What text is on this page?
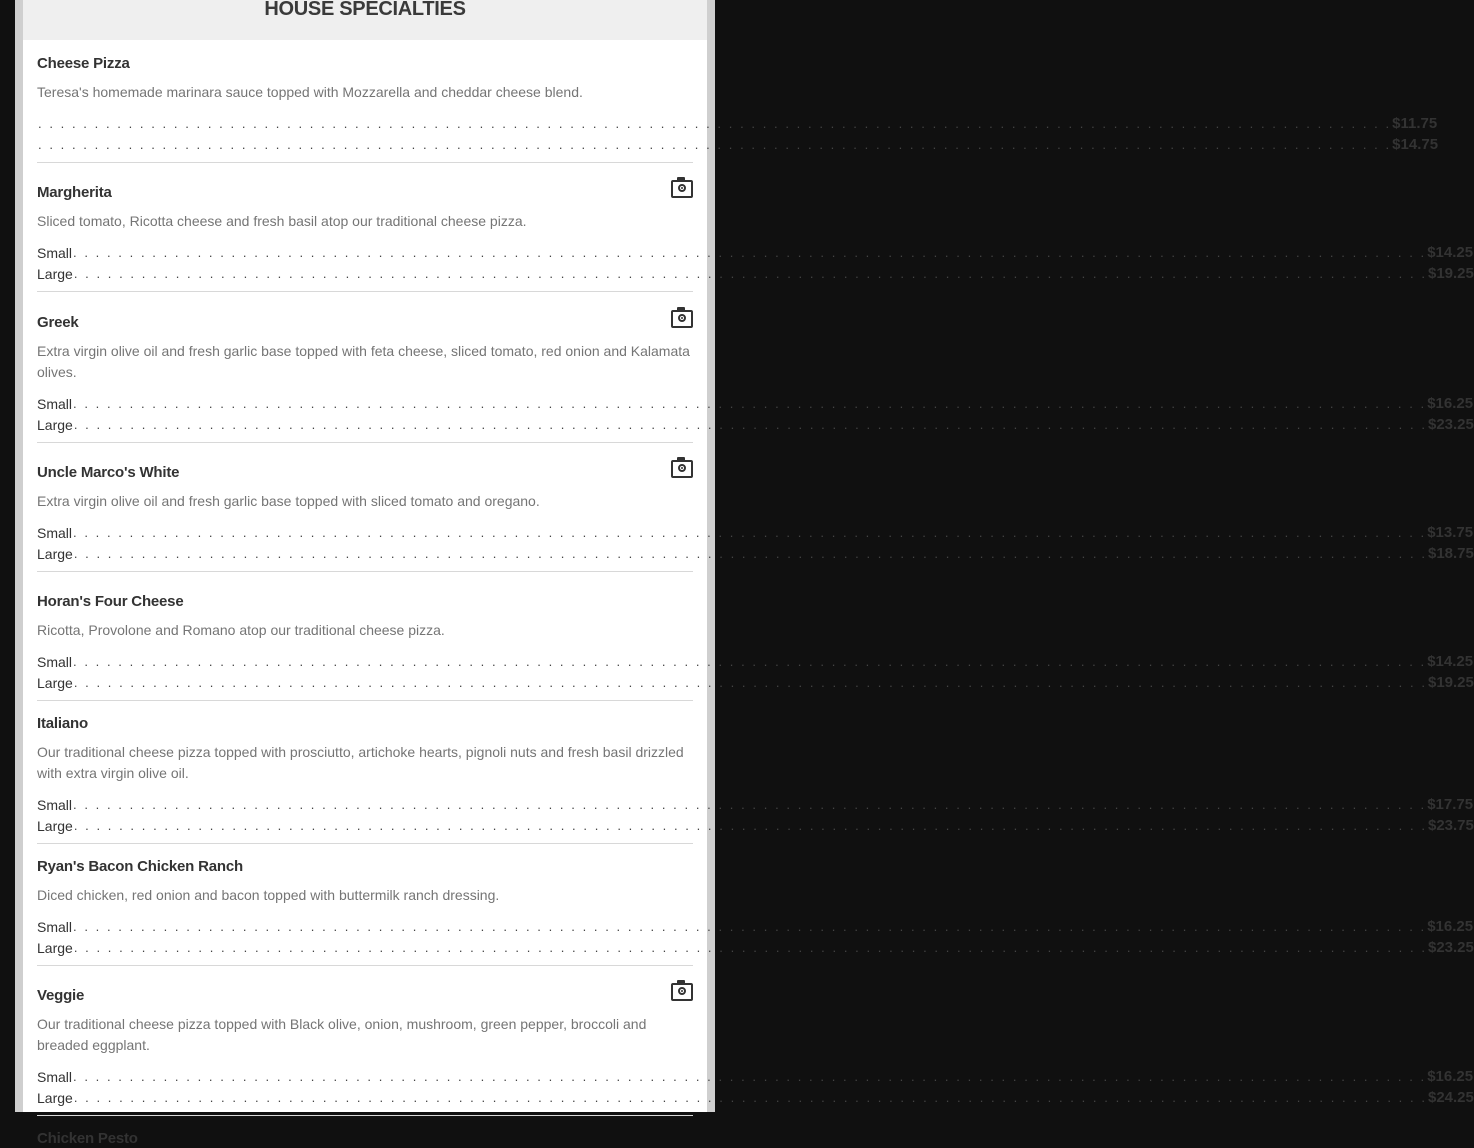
HOUSE SPECIALTIES

Cheese Pizza

Teresa's homemade marinara sauce topped with Mozzarella and cheddar cheese blend.

. . . . . . . . . . . . . . . . . . . . . . . . . . . . . . . . . . . . . . . . . . . . . . . . . . . . . . . . . . . . . . . . . . . . . . . . . . . . . . . . . . . . . . . . . . . . . . . . . . . . . . . . . . . . . . . . . . . . . . . . $11.75
. . . . . . . . . . . . . . . . . . . . . . . . . . . . . . . . . . . . . . . . . . . . . . . . . . . . . . . . . . . . . . . . . . . . . . . . . . . . . . . . . . . . . . . . . . . . . . . . . . . . . . . . . . . . . . . . . . . . . . . . $14.75

Margherita

Sliced tomato, Ricotta cheese and fresh basil atop our traditional cheese pizza.

Small . . . . . . . . . . . . . . . . . . . . . . . . . . . . . . . . . . . . . . . . . . . . . . . . . . . . . . . . . . . . . . . . . . . . . . . . . . . . . . . . . . . . . . . . . . . . . . . . . . . . . . . . . . . . . . . . . . . . . . . . $14.25
Large . . . . . . . . . . . . . . . . . . . . . . . . . . . . . . . . . . . . . . . . . . . . . . . . . . . . . . . . . . . . . . . . . . . . . . . . . . . . . . . . . . . . . . . . . . . . . . . . . . . . . . . . . . . . . . . . . . . . . . . . $19.25

Greek

Extra virgin olive oil and fresh garlic base topped with feta cheese, sliced tomato, red onion and Kalamata olives.

Small . . . . . . . . . . . . . . . . . . . . . . . . . . . . . . . . . . . . . . . . . . . . . . . . . . . . . . . . . . . . . . . . . . . . . . . . . . . . . . . . . . . . . . . . . . . . . . . . . . . . . . . . . . . . . . . . . . . . . . . . $16.25
Large . . . . . . . . . . . . . . . . . . . . . . . . . . . . . . . . . . . . . . . . . . . . . . . . . . . . . . . . . . . . . . . . . . . . . . . . . . . . . . . . . . . . . . . . . . . . . . . . . . . . . . . . . . . . . . . . . . . . . . . . $23.25

Uncle Marco's White

Extra virgin olive oil and fresh garlic base topped with sliced tomato and oregano.

Small . . . . . . . . . . . . . . . . . . . . . . . . . . . . . . . . . . . . . . . . . . . . . . . . . . . . . . . . . . . . . . . . . . . . . . . . . . . . . . . . . . . . . . . . . . . . . . . . . . . . . . . . . . . . . . . . . . . . . . . . $13.75
Large . . . . . . . . . . . . . . . . . . . . . . . . . . . . . . . . . . . . . . . . . . . . . . . . . . . . . . . . . . . . . . . . . . . . . . . . . . . . . . . . . . . . . . . . . . . . . . . . . . . . . . . . . . . . . . . . . . . . . . . . $18.75

Horan's Four Cheese

Ricotta, Provolone and Romano atop our traditional cheese pizza.

Small . . . . . . . . . . . . . . . . . . . . . . . . . . . . . . . . . . . . . . . . . . . . . . . . . . . . . . . . . . . . . . . . . . . . . . . . . . . . . . . . . . . . . . . . . . . . . . . . . . . . . . . . . . . . . . . . . . . . . . . . $14.25
Large . . . . . . . . . . . . . . . . . . . . . . . . . . . . . . . . . . . . . . . . . . . . . . . . . . . . . . . . . . . . . . . . . . . . . . . . . . . . . . . . . . . . . . . . . . . . . . . . . . . . . . . . . . . . . . . . . . . . . . . . $19.25

Italiano

Our traditional cheese pizza topped with prosciutto, artichoke hearts, pignoli nuts and fresh basil drizzled with extra virgin olive oil.

Small . . . . . . . . . . . . . . . . . . . . . . . . . . . . . . . . . . . . . . . . . . . . . . . . . . . . . . . . . . . . . . . . . . . . . . . . . . . . . . . . . . . . . . . . . . . . . . . . . . . . . . . . . . . . . . . . . . . . . . . . $17.75
Large . . . . . . . . . . . . . . . . . . . . . . . . . . . . . . . . . . . . . . . . . . . . . . . . . . . . . . . . . . . . . . . . . . . . . . . . . . . . . . . . . . . . . . . . . . . . . . . . . . . . . . . . . . . . . . . . . . . . . . . . $23.75

Ryan's Bacon Chicken Ranch

Diced chicken, red onion and bacon topped with buttermilk ranch dressing.

Small . . . . . . . . . . . . . . . . . . . . . . . . . . . . . . . . . . . . . . . . . . . . . . . . . . . . . . . . . . . . . . . . . . . . . . . . . . . . . . . . . . . . . . . . . . . . . . . . . . . . . . . . . . . . . . . . . . . . . . . . $16.25
Large . . . . . . . . . . . . . . . . . . . . . . . . . . . . . . . . . . . . . . . . . . . . . . . . . . . . . . . . . . . . . . . . . . . . . . . . . . . . . . . . . . . . . . . . . . . . . . . . . . . . . . . . . . . . . . . . . . . . . . . . $23.25

Veggie

Our traditional cheese pizza topped with Black olive, onion, mushroom, green pepper, broccoli and breaded eggplant.

Small . . . . . . . . . . . . . . . . . . . . . . . . . . . . . . . . . . . . . . . . . . . . . . . . . . . . . . . . . . . . . . . . . . . . . . . . . . . . . . . . . . . . . . . . . . . . . . . . . . . . . . . . . . . . . . . . . . . . . . . . $16.25
Large . . . . . . . . . . . . . . . . . . . . . . . . . . . . . . . . . . . . . . . . . . . . . . . . . . . . . . . . . . . . . . . . . . . . . . . . . . . . . . . . . . . . . . . . . . . . . . . . . . . . . . . . . . . . . . . . . . . . . . . . $24.25

Chicken Pesto
